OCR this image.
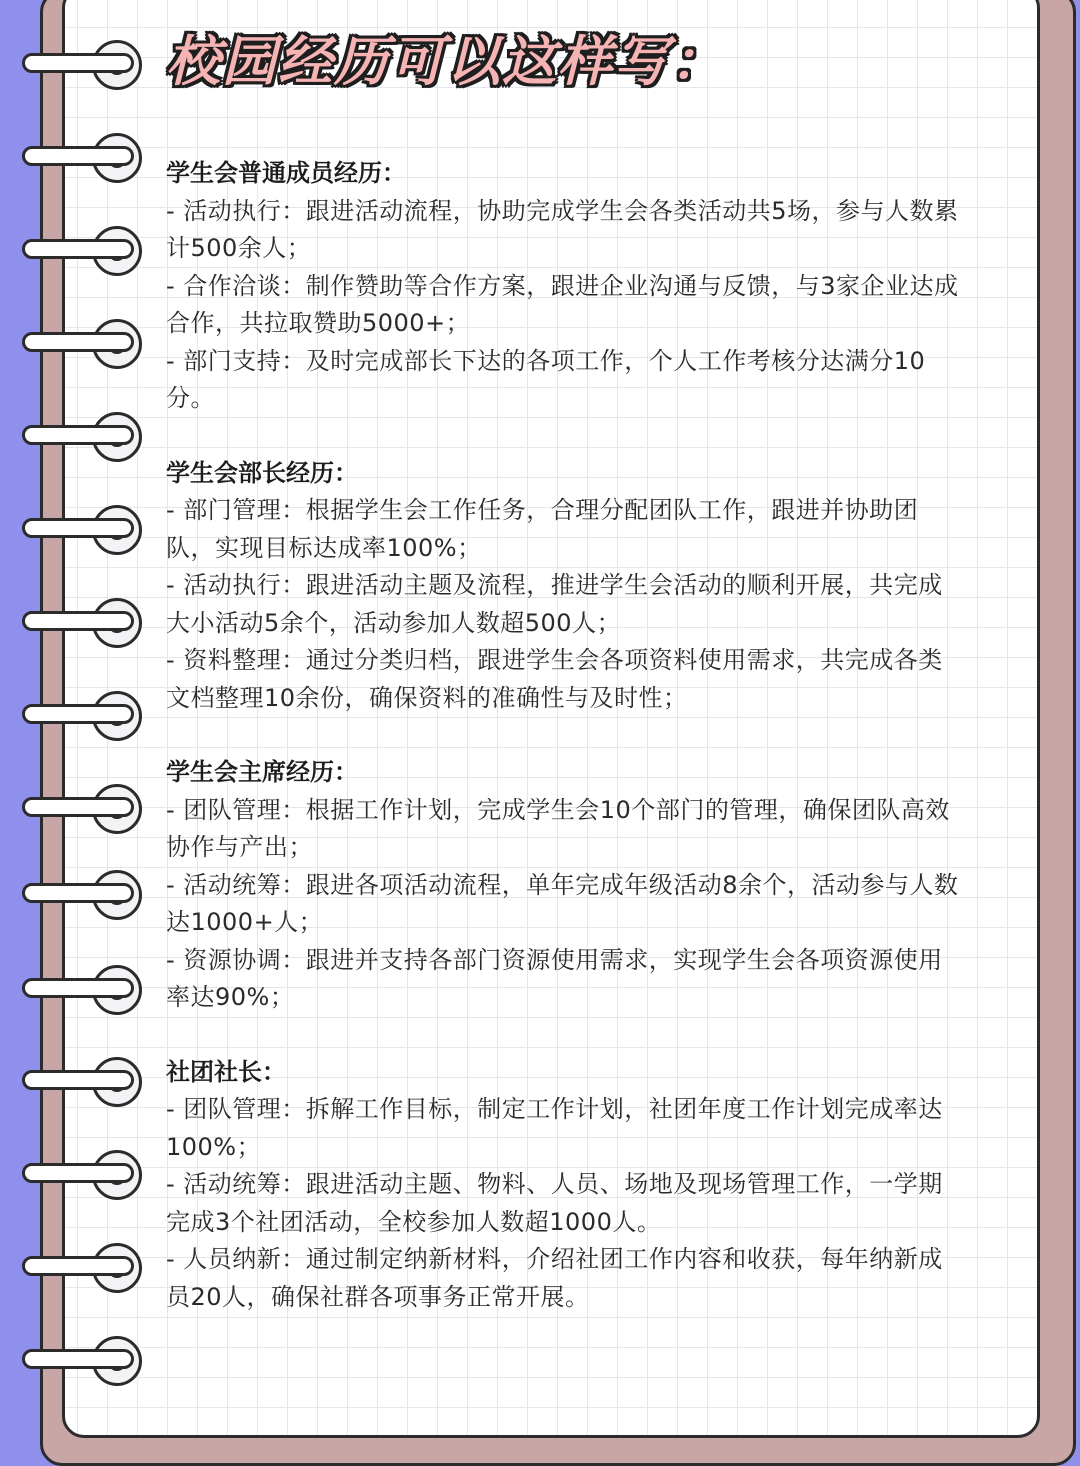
校园经历可以这样写：
学生会普通成员经历：
- 活动执行：跟进活动流程，协助完成学生会各类活动共5场，参与人数累计500余人；
- 合作洽谈：制作赞助等合作方案，跟进企业沟通与反馈，与3家企业达成合作，共拉取赞助5000+；
- 部门支持：及时完成部长下达的各项工作，个人工作考核分达满分10分。
学生会部长经历：
- 部门管理：根据学生会工作任务，合理分配团队工作，跟进并协助团队，实现目标达成率100%；
- 活动执行：跟进活动主题及流程，推进学生会活动的顺利开展，共完成大小活动5余个，活动参加人数超500人；
- 资料整理：通过分类归档，跟进学生会各项资料使用需求，共完成各类文档整理10余份，确保资料的准确性与及时性；
学生会主席经历：
- 团队管理：根据工作计划，完成学生会10个部门的管理，确保团队高效协作与产出；
- 活动统筹：跟进各项活动流程，单年完成年级活动8余个，活动参与人数达1000+人；
- 资源协调：跟进并支持各部门资源使用需求，实现学生会各项资源使用率达90%；
社团社长：
- 团队管理：拆解工作目标，制定工作计划，社团年度工作计划完成率达100%；
- 活动统筹：跟进活动主题、物料、人员、场地及现场管理工作，一学期完成3个社团活动，全校参加人数超1000人。
- 人员纳新：通过制定纳新材料，介绍社团工作内容和收获，每年纳新成员20人，确保社群各项事务正常开展。
